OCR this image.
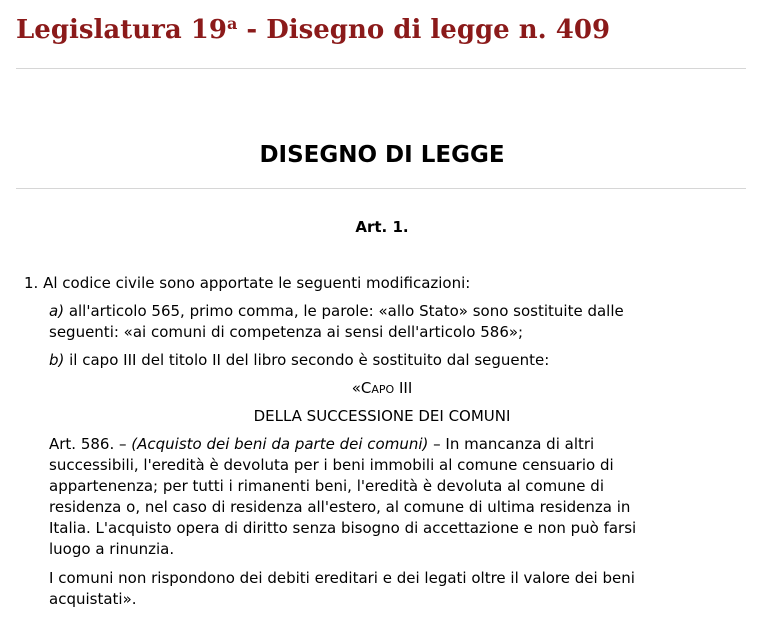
Legislatura 19$^a$ - Disegno di legge n. 409
DISEGNO DI LEGGE
Art. 1.

1. Al codice civile sono apportate le seguenti modificazioni:

a) all'articolo 565, primo comma, le parole: «allo Stato» sono sostituite dalle
seguenti: «ai comuni di competenza ai sensi dell'articolo 586»;

b) il capo III del titolo II del libro secondo è sostituito dal seguente:

«Capo III
DELLA SUCCESSIONE DEI COMUNI

Art. 586. – (Acquisto dei beni da parte dei comuni) – In mancanza di altri
successibili, l'eredità è devoluta per i beni immobili al comune censuario di
appartenenza; per tutti i rimanenti beni, l'eredità è devoluta al comune di
residenza o, nel caso di residenza all'estero, al comune di ultima residenza in
Italia. L'acquisto opera di diritto senza bisogno di accettazione e non può farsi
luogo a rinunzia.

I comuni non rispondono dei debiti ereditari e dei legati oltre il valore dei beni
acquistati».
